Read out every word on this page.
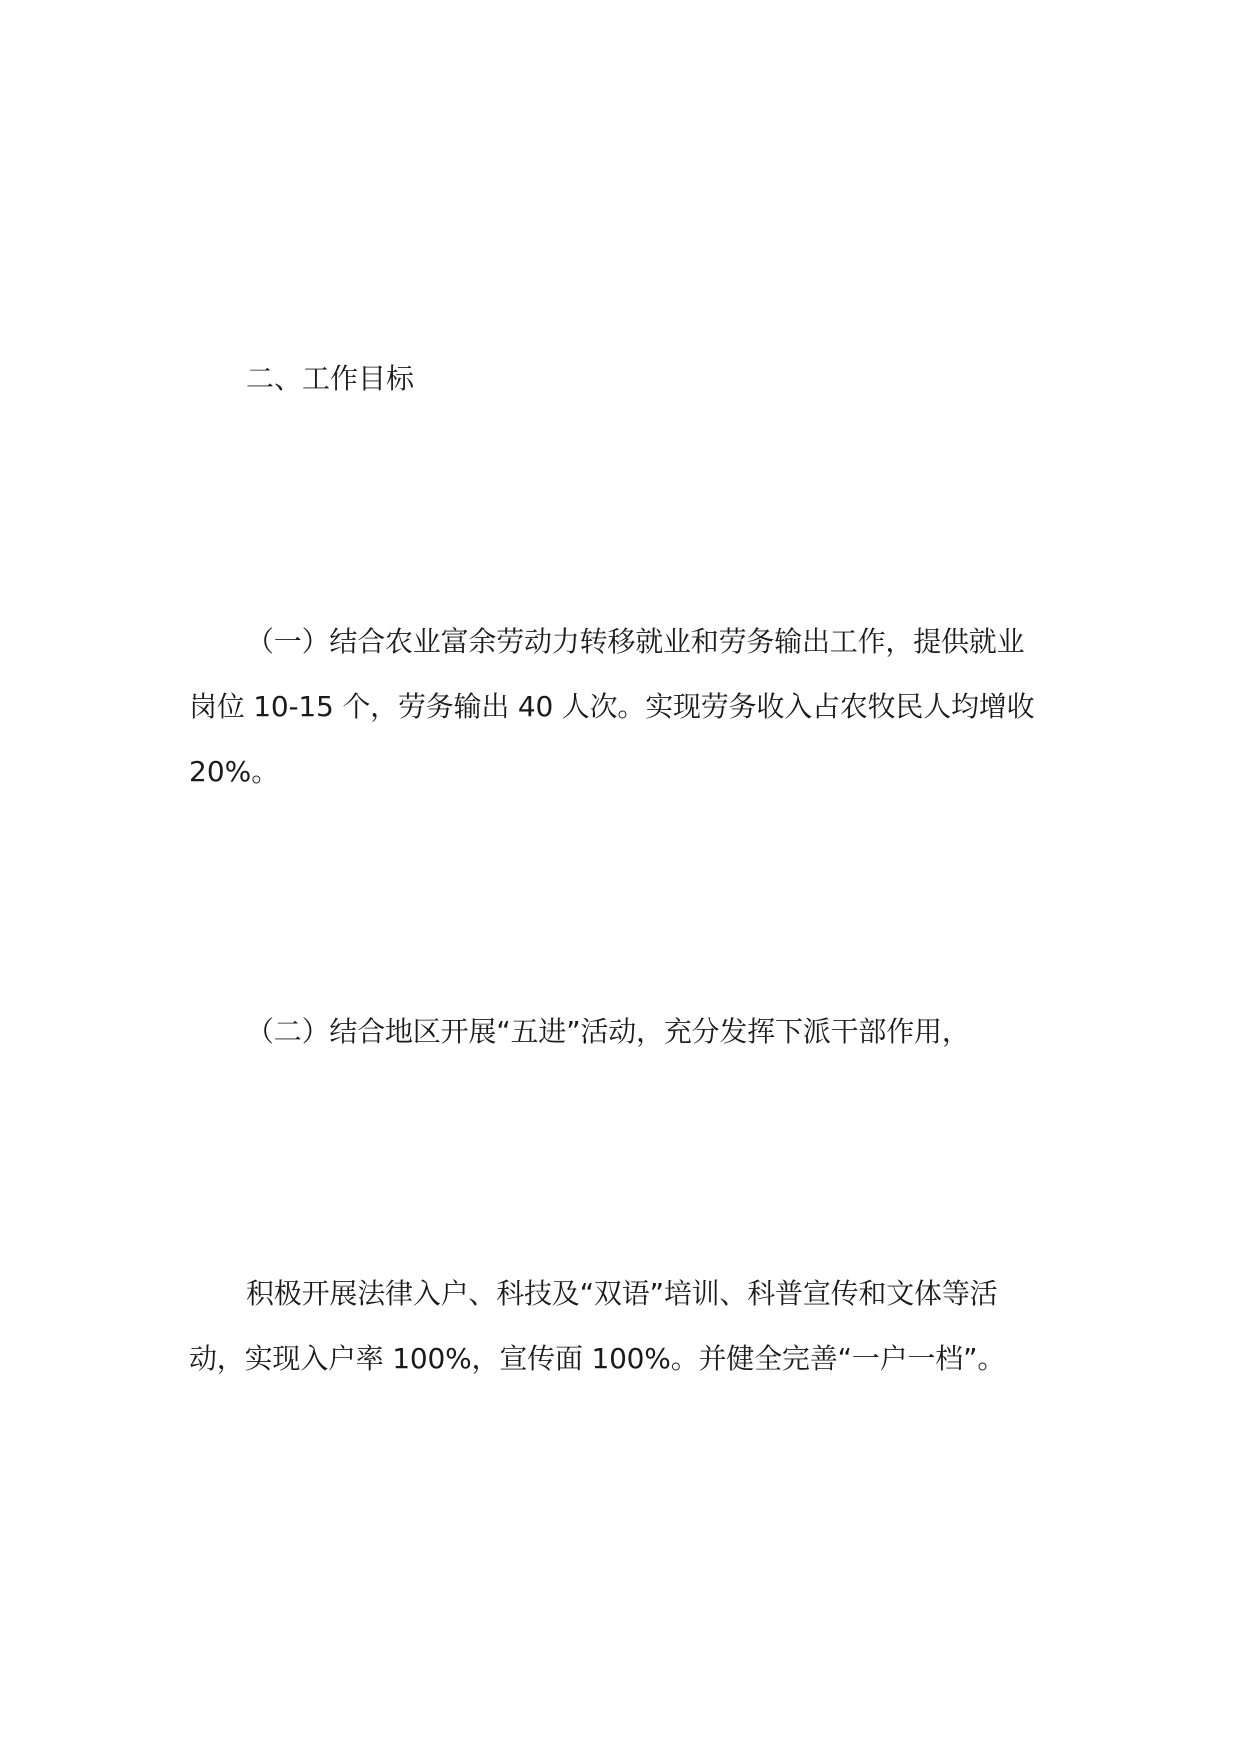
二、工作目标
（一）结合农业富余劳动力转移就业和劳务输出工作，提供就业
岗位 10-15 个，劳务输出 40 人次。实现劳务收入占农牧民人均增收
20%。
（二）结合地区开展“五进”活动，充分发挥下派干部作用，
积极开展法律入户、科技及“双语”培训、科普宣传和文体等活
动，实现入户率 100%，宣传面 100%。并健全完善“一户一档”。
